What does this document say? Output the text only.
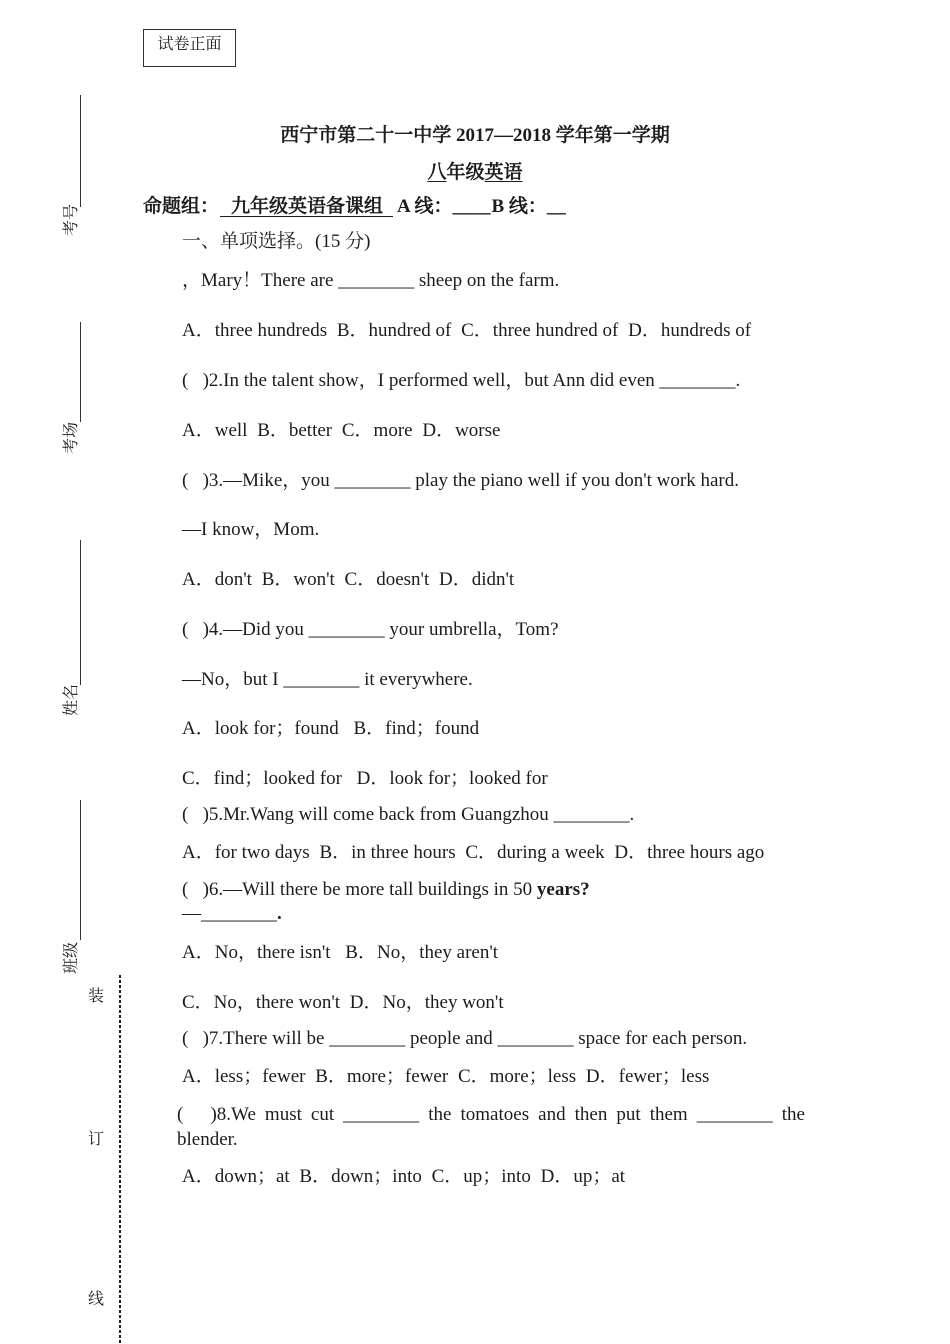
试卷正面
考号
考场
姓名
班级
装
订
线
西宁市第二十一中学 2017—2018 学年第一学期
八年级英语
命题组： 九年级英语备课组 A 线：____B 线：__
一、单项选择。(15 分)
，Mary！There are ________ sheep on the farm.
A．three hundreds B．hundred of C．three hundred of D．hundreds of
(   )2.In the talent show，I performed well，but Ann did even ________.
A．well B．better C．more D．worse
(   )3.—Mike，you ________ play the piano well if you don't work hard.
—I know，Mom.
A．don't B．won't C．doesn't D．didn't
(   )4.—Did you ________ your umbrella，Tom?
—No，but I ________ it everywhere.
A．look for；found B．find；found
C．find；looked for D．look for；looked for
(   )5.Mr.Wang will come back from Guangzhou ________.
A．for two days B．in three hours C．during a week D．three hours ago
(   )6.—Will there be more tall buildings in 50 years?
—________.
A．No，there isn't B．No，they aren't
C．No，there won't D．No，they won't
(   )7.There will be ________ people and ________ space for each person.
A．less；fewer B．more；fewer C．more；less D．fewer；less
(   )8.We must cut ________ the tomatoes and then put them ________ the blender.
A．down；at B．down；into C．up；into D．up；at
